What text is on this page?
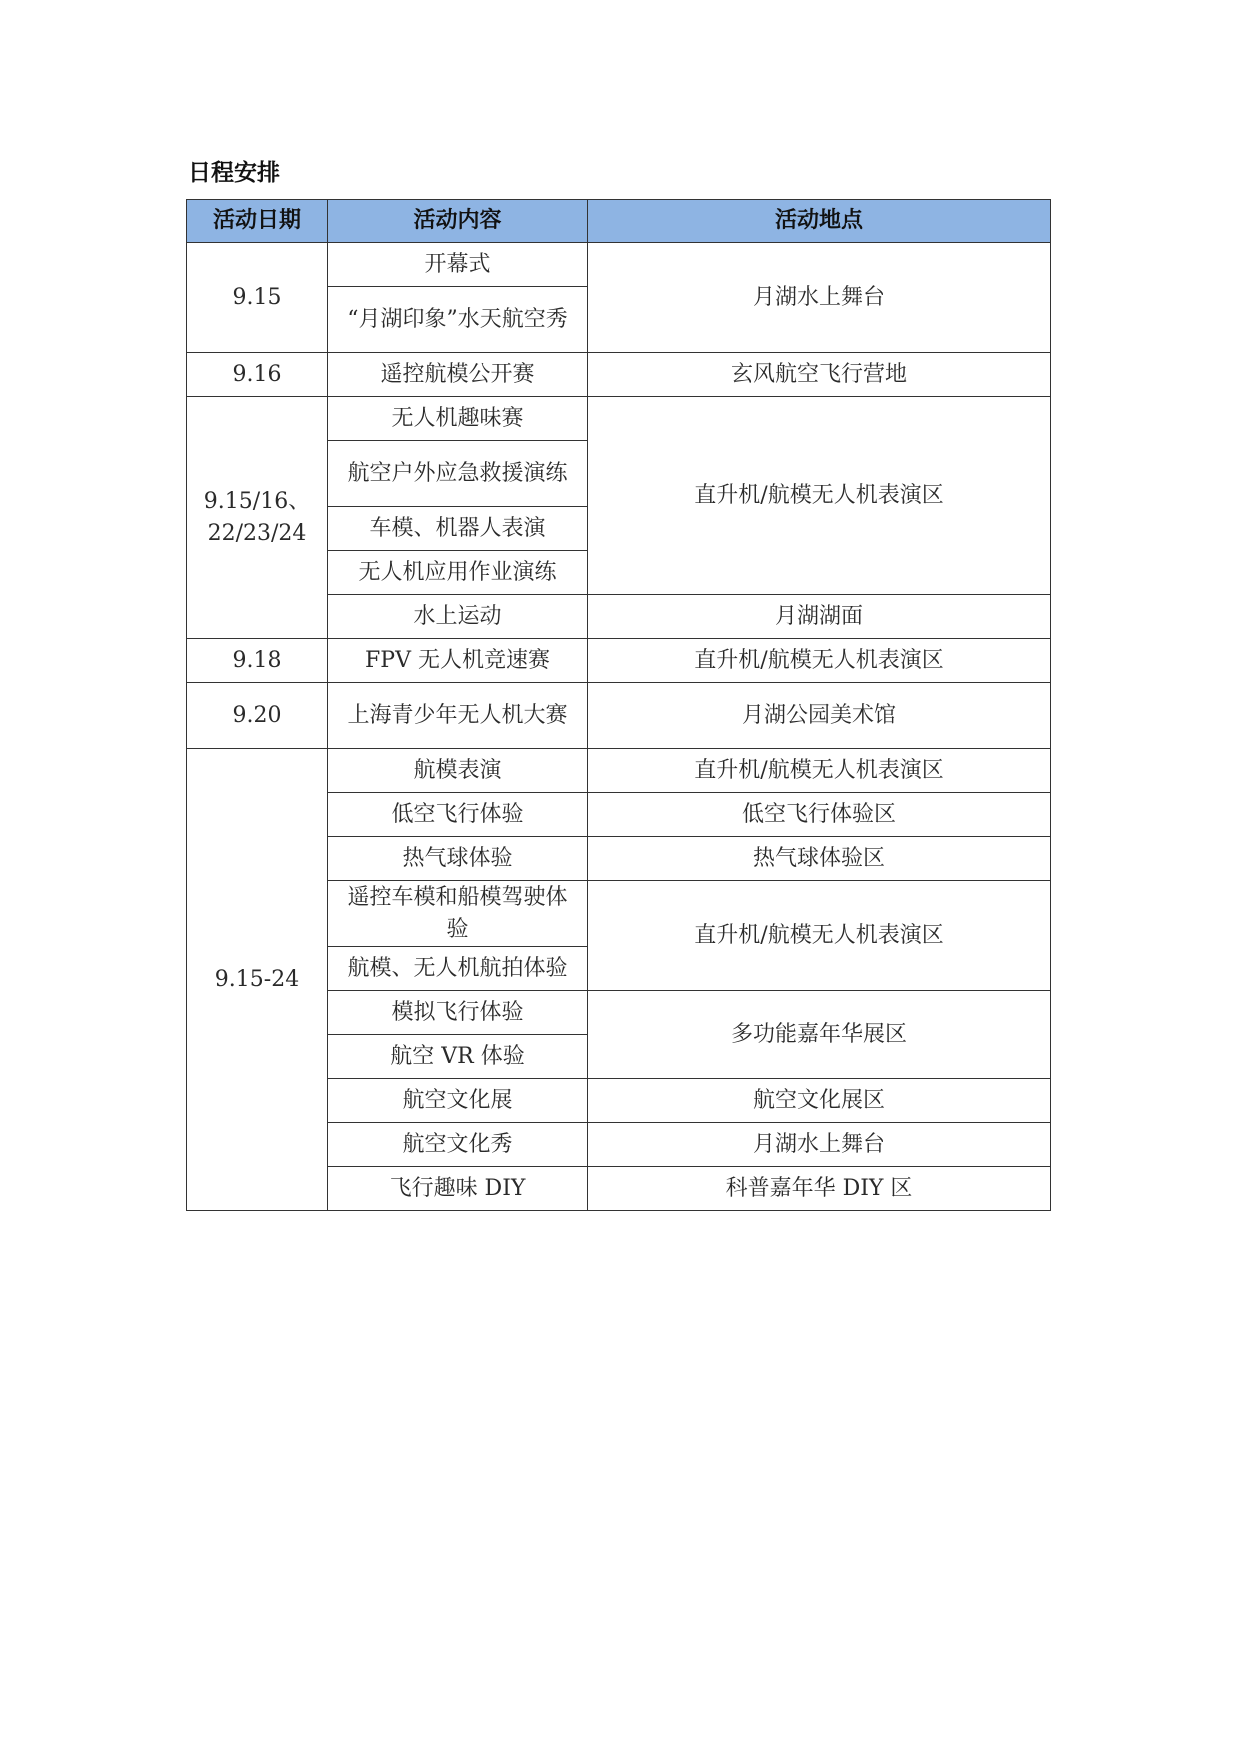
日程安排
活动日期	活动内容	活动地点
9.15	开幕式	月湖水上舞台
	“月湖印象”水天航空秀	
9.16	遥控航模公开赛	玄风航空飞行营地
9.15/16、22/23/24	无人机趣味赛	直升机/航模无人机表演区
	航空户外应急救援演练	
	车模、机器人表演	
	无人机应用作业演练	
	水上运动	月湖湖面
9.18	FPV 无人机竞速赛	直升机/航模无人机表演区
9.20	上海青少年无人机大赛	月湖公园美术馆
9.15-24	航模表演	直升机/航模无人机表演区
	低空飞行体验	低空飞行体验区
	热气球体验	热气球体验区
	遥控车模和船模驾驶体验	直升机/航模无人机表演区
	航模、无人机航拍体验	
	模拟飞行体验	多功能嘉年华展区
	航空 VR 体验	
	航空文化展	航空文化展区
	航空文化秀	月湖水上舞台
	飞行趣味 DIY	科普嘉年华 DIY 区
